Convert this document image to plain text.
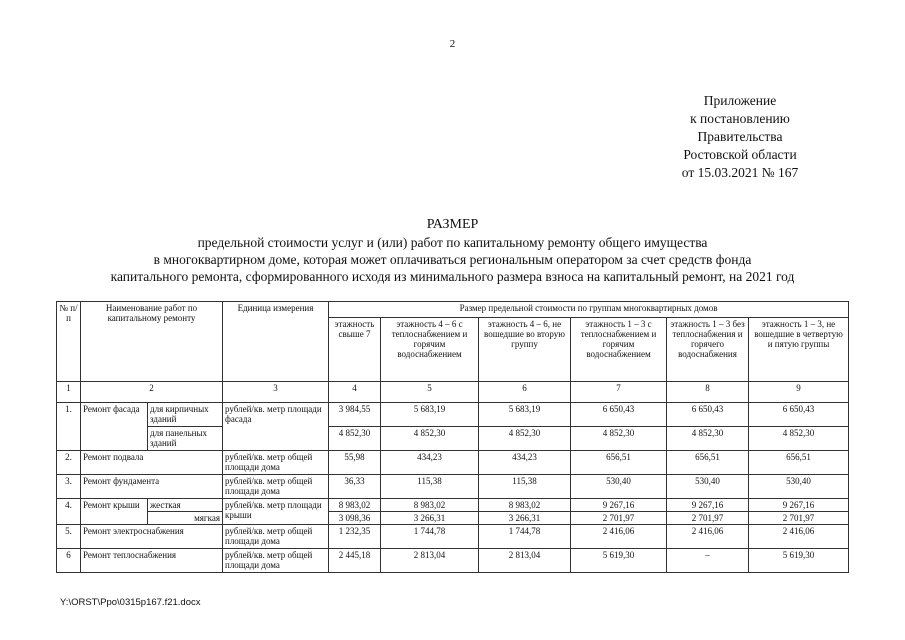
2
Приложение
к постановлению
Правительства
Ростовской области
от 15.03.2021 № 167
РАЗМЕР
предельной стоимости услуг и (или) работ по капитальному ремонту общего имущества
в многоквартирном доме, которая может оплачиваться региональным оператором за счет средств фонда
капитального ремонта, сформированного исходя из минимального размера взноса на капитальный ремонт, на 2021 год
№ п/п	Наименование работ по капитальному ремонту		Единица измерения	Размер предельной стоимости по группам многоквартирных домов					
				этажность свыше 7	этажность 4 – 6 с теплоснабжением и горячим водоснабжением	этажность 4 – 6, не вошедшие во вторую группу	этажность 1 – 3 с теплоснабжением и горячим водоснабжением	этажность 1 – 3 без теплоснабжения и горячего водоснабжения	этажность 1 – 3, не вошедшие в четвертую и пятую группы
1	2		3	4	5	6	7	8	9
1.	Ремонт фасада	для кирпичных зданий	рублей/кв. метр площади фасада	3 984,55	5 683,19	5 683,19	6 650,43	6 650,43	6 650,43
		для панельных зданий		4 852,30	4 852,30	4 852,30	4 852,30	4 852,30	4 852,30
2.	Ремонт подвала		рублей/кв. метр общей площади дома	55,98	434,23	434,23	656,51	656,51	656,51
3.	Ремонт фундамента		рублей/кв. метр общей площади дома	36,33	115,38	115,38	530,40	530,40	530,40
4.	Ремонт крыши	жесткая	рублей/кв. метр площади крыши	8 983,02	8 983,02	8 983,02	9 267,16	9 267,16	9 267,16
		мягкая		3 098,36	3 266,31	3 266,31	2 701,97	2 701,97	2 701,97
5.	Ремонт электроснабжения		рублей/кв. метр общей площади дома	1 232,35	1 744,78	1 744,78	2 416,06	2 416,06	2 416,06
6	Ремонт теплоснабжения		рублей/кв. метр общей площади дома	2 445,18	2 813,04	2 813,04	5 619,30	–	5 619,30
Y:\ORST\Ppo\0315p167.f21.docx
